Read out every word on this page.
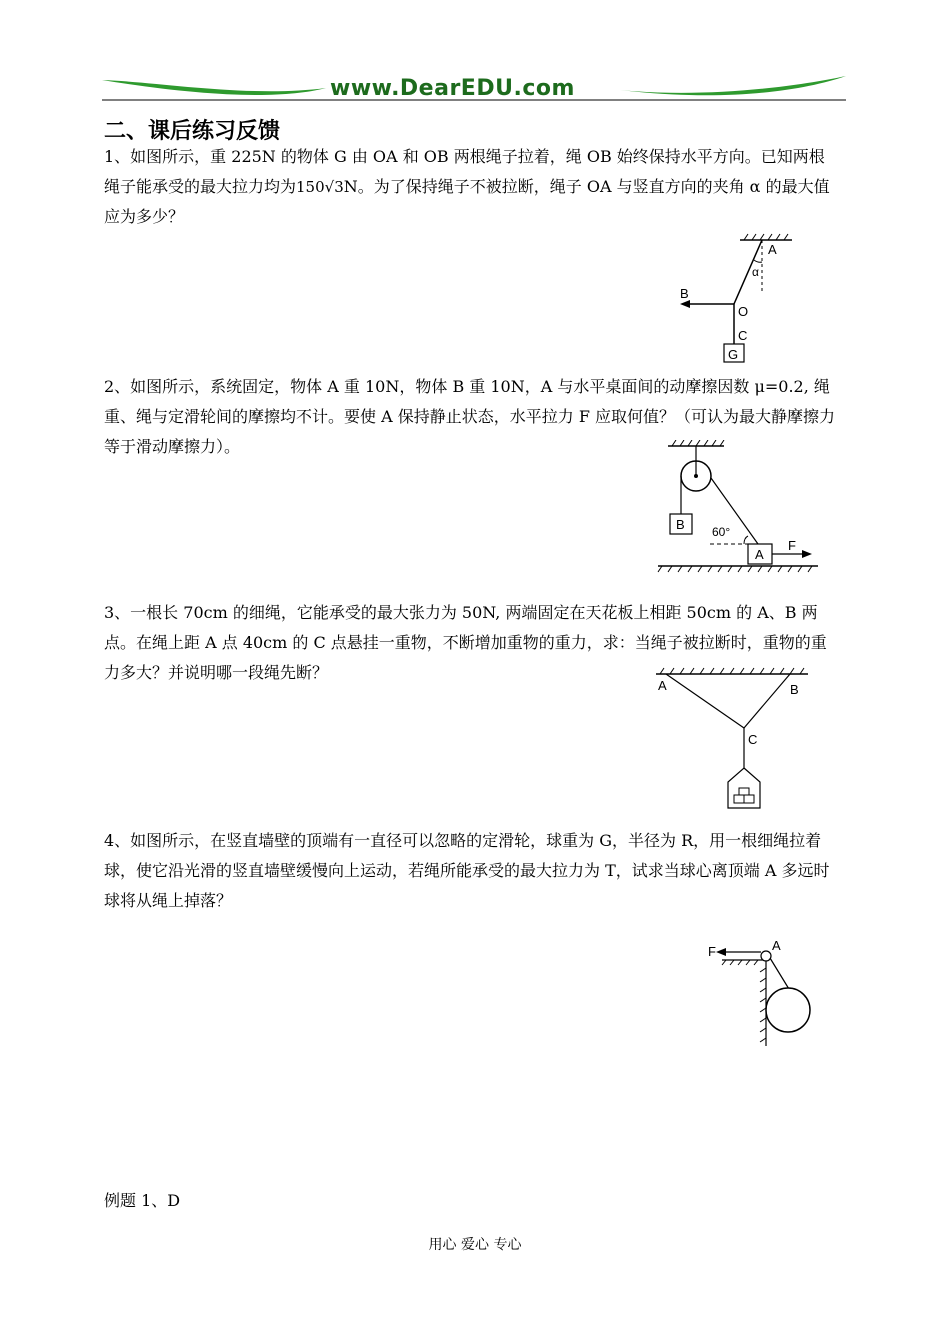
www.DearEDU.com
二、课后练习反馈
1、如图所示，重 225N 的物体 G 由 OA 和 OB 两根绳子拉着，绳 OB 始终保持水平方向。已知两根绳子能承受的最大拉力均为150√3N。为了保持绳子不被拉断，绳子 OA 与竖直方向的夹角 α 的最大值应为多少？
A
α
B
O
C
G
2、如图所示，系统固定，物体 A 重 10N，物体 B 重 10N，A 与水平桌面间的动摩擦因数 μ=0.2, 绳重、绳与定滑轮间的摩擦均不计。要使 A 保持静止状态，水平拉力 F 应取何值？（可认为最大静摩擦力等于滑动摩擦力）。
B
A
F
60°
3、一根长 70cm 的细绳，它能承受的最大张力为 50N, 两端固定在天花板上相距 50cm 的 A、B 两点。在绳上距 A 点 40cm 的 C 点悬挂一重物，不断增加重物的重力，求：当绳子被拉断时，重物的重力多大？并说明哪一段绳先断？
A	B
C
4、如图所示，在竖直墙壁的顶端有一直径可以忽略的定滑轮，球重为 G，半径为 R，用一根细绳拉着球，使它沿光滑的竖直墙壁缓慢向上运动，若绳所能承受的最大拉力为 T，试求当球心离顶端 A 多远时球将从绳上掉落？
F	A
例题 1、D
用心 爱心 专心
